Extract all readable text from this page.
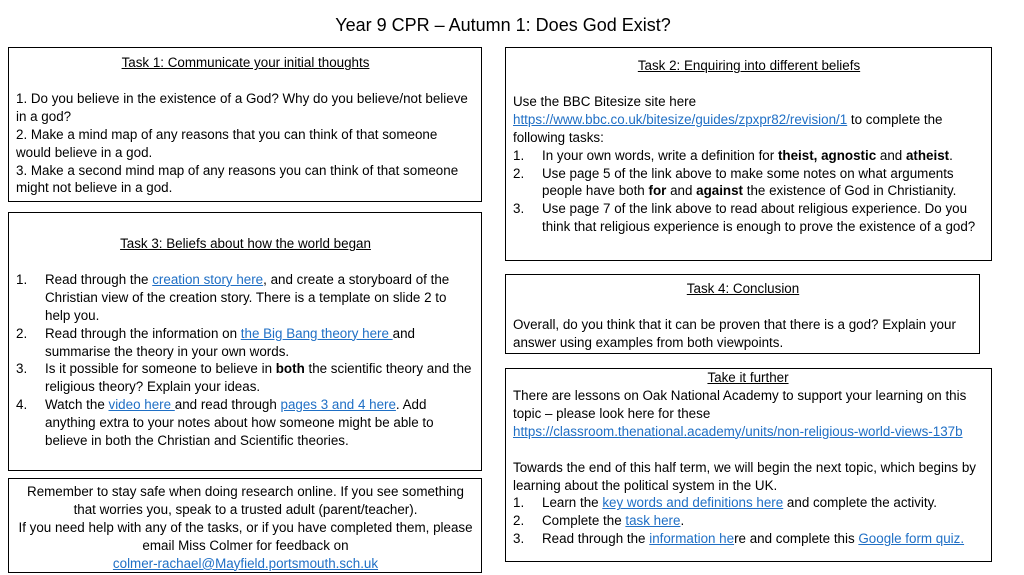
Year 9 CPR – Autumn 1: Does God Exist?

Task 1: Communicate your initial thoughts

1. Do you believe in the existence of a God? Why do you believe/not believe in a god?

2. Make a mind map of any reasons that you can think of that someone would believe in a god.

3. Make a second mind map of any reasons you can think of that someone might not believe in a god.

Task 2: Enquiring into different beliefs

Use the BBC Bitesize site here
https://www.bbc.co.uk/bitesize/guides/zpxpr82/revision/1 to complete the following tasks:

1. In your own words, write a definition for theist, agnostic and atheist.
2. Use page 5 of the link above to make some notes on what arguments people have both for and against the existence of God in Christianity.
3. Use page 7 of the link above to read about religious experience. Do you think that religious experience is enough to prove the existence of a god?

Task 3: Beliefs about how the world began

1. Read through the creation story here, and create a storyboard of the Christian view of the creation story. There is a template on slide 2 to help you.
2. Read through the information on the Big Bang theory here and summarise the theory in your own words.
3. Is it possible for someone to believe in both the scientific theory and the religious theory? Explain your ideas.
4. Watch the video here and read through pages 3 and 4 here. Add anything extra to your notes about how someone might be able to believe in both the Christian and Scientific theories.

Task 4: Conclusion

Overall, do you think that it can be proven that there is a god? Explain your answer using examples from both viewpoints.

Take it further

There are lessons on Oak National Academy to support your learning on this topic – please look here for these
https://classroom.thenational.academy/units/non-religious-world-views-137b

Towards the end of this half term, we will begin the next topic, which begins by learning about the political system in the UK.

1. Learn the key words and definitions here and complete the activity.
2. Complete the task here.
3. Read through the information here and complete this Google form quiz.

Remember to stay safe when doing research online. If you see something that worries you, speak to a trusted adult (parent/teacher).

If you need help with any of the tasks, or if you have completed them, please email Miss Colmer for feedback on

colmer-rachael@Mayfield.portsmouth.sch.uk
